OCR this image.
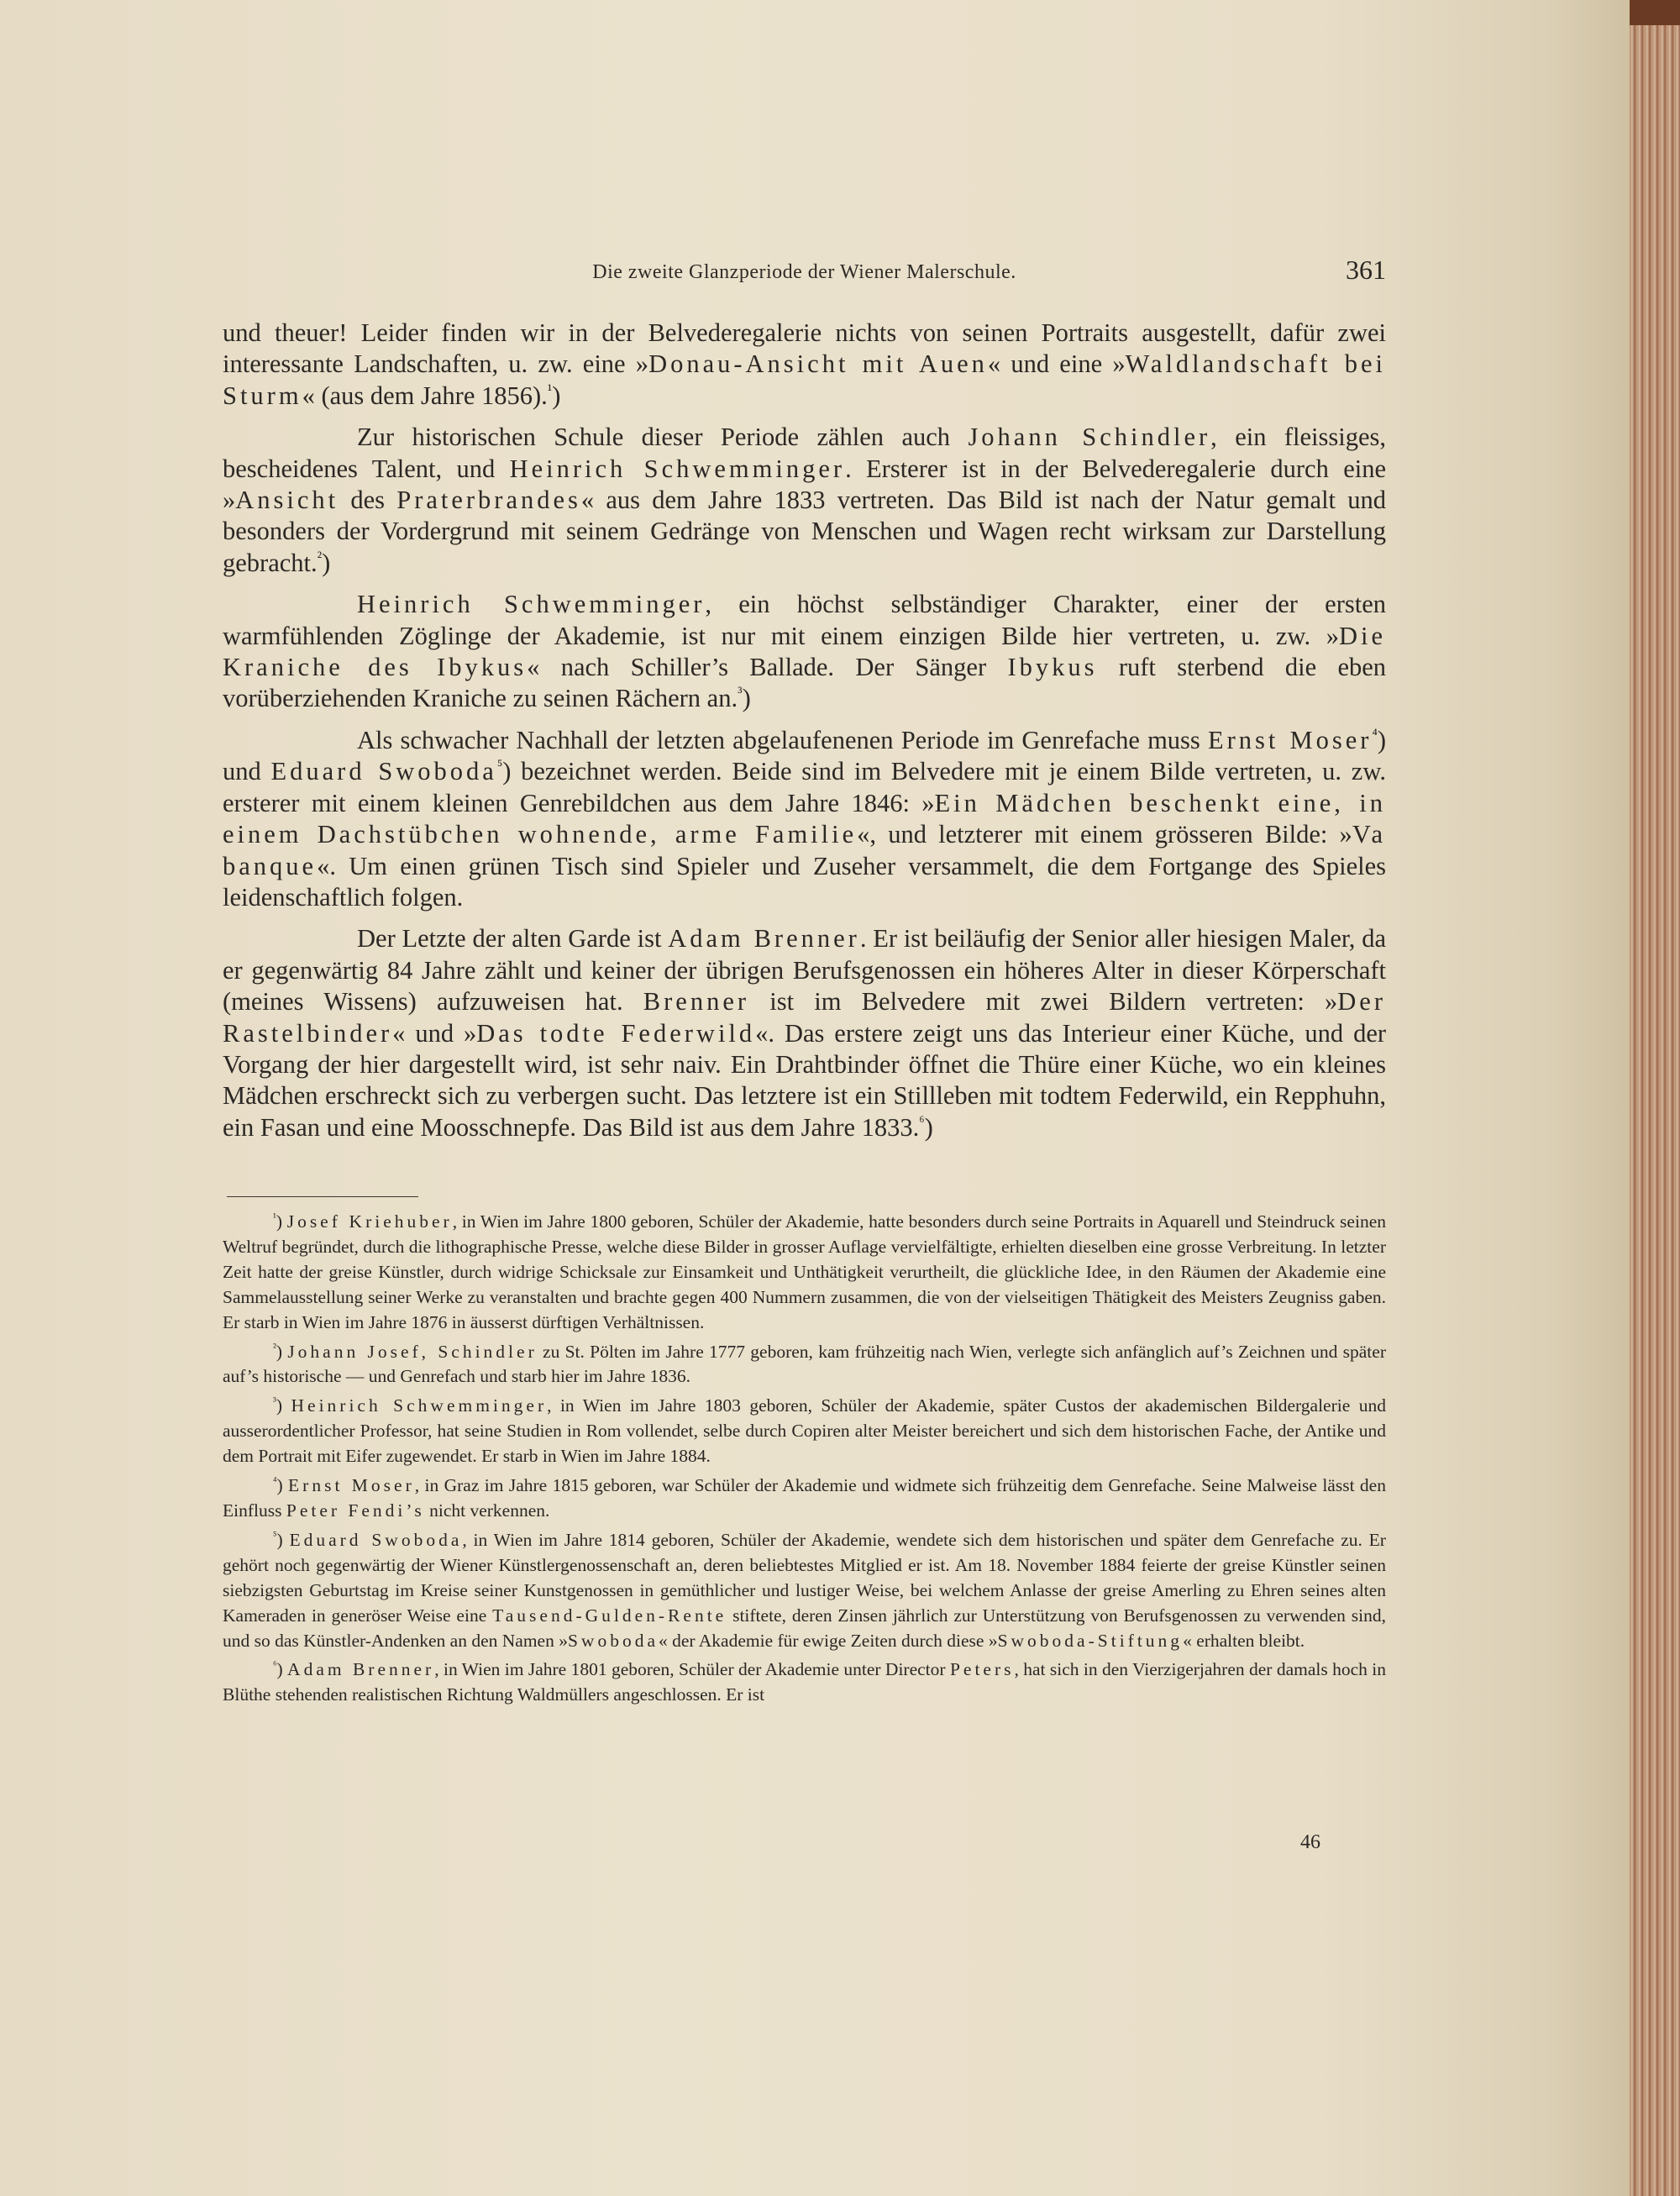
Die zweite Glanzperiode der Wiener Malerschule.	361

und theuer! Leider finden wir in der Belvederegalerie nichts von seinen Portraits ausgestellt, dafür zwei interessante Landschaften, u. zw. eine »Donau-Ansicht mit Auen« und eine »Waldlandschaft bei Sturm« (aus dem Jahre 1856).$^{^1}$)

Zur historischen Schule dieser Periode zählen auch Johann Schindler, ein fleissiges, bescheidenes Talent, und Heinrich Schwemminger. Ersterer ist in der Belvederegalerie durch eine »Ansicht des Praterbrandes« aus dem Jahre 1833 vertreten. Das Bild ist nach der Natur gemalt und besonders der Vordergrund mit seinem Gedränge von Menschen und Wagen recht wirksam zur Darstellung gebracht.$^{^2}$)

Heinrich Schwemminger, ein höchst selbständiger Charakter, einer der ersten warmfühlenden Zöglinge der Akademie, ist nur mit einem einzigen Bilde hier vertreten, u. zw. »Die Kraniche des Ibykus« nach Schiller’s Ballade. Der Sänger Ibykus ruft sterbend die eben vorüberziehenden Kraniche zu seinen Rächern an.$^{^3}$)

Als schwacher Nachhall der letzten abgelaufenenen Periode im Genrefache muss Ernst Moser$^{^4}$) und Eduard Swoboda$^{^5}$) bezeichnet werden. Beide sind im Belvedere mit je einem Bilde vertreten, u. zw. ersterer mit einem kleinen Genrebildchen aus dem Jahre 1846: »Ein Mädchen beschenkt eine, in einem Dachstübchen wohnende, arme Familie«, und letzterer mit einem grösseren Bilde: »Va banque«. Um einen grünen Tisch sind Spieler und Zuseher versammelt, die dem Fortgange des Spieles leidenschaftlich folgen.

Der Letzte der alten Garde ist Adam Brenner. Er ist beiläufig der Senior aller hiesigen Maler, da er gegenwärtig 84 Jahre zählt und keiner der übrigen Berufsgenossen ein höheres Alter in dieser Körperschaft (meines Wissens) aufzuweisen hat. Brenner ist im Belvedere mit zwei Bildern vertreten: »Der Rastelbinder« und »Das todte Federwild«. Das erstere zeigt uns das Interieur einer Küche, und der Vorgang der hier dargestellt wird, ist sehr naiv. Ein Drahtbinder öffnet die Thüre einer Küche, wo ein kleines Mädchen erschreckt sich zu verbergen sucht. Das letztere ist ein Stillleben mit todtem Federwild, ein Repphuhn, ein Fasan und eine Moosschnepfe. Das Bild ist aus dem Jahre 1833.$^{^6}$)

$^{^1}$) Josef Kriehuber, in Wien im Jahre 1800 geboren, Schüler der Akademie, hatte besonders durch seine Portraits in Aquarell und Steindruck seinen Weltruf begründet, durch die lithographische Presse, welche diese Bilder in grosser Auflage vervielfältigte, erhielten dieselben eine grosse Verbreitung. In letzter Zeit hatte der greise Künstler, durch widrige Schicksale zur Einsamkeit und Unthätigkeit verurtheilt, die glückliche Idee, in den Räumen der Akademie eine Sammelausstellung seiner Werke zu veranstalten und brachte gegen 400 Nummern zusammen, die von der vielseitigen Thätigkeit des Meisters Zeugniss gaben. Er starb in Wien im Jahre 1876 in äusserst dürftigen Verhältnissen.

$^{^2}$) Johann Josef, Schindler zu St. Pölten im Jahre 1777 geboren, kam frühzeitig nach Wien, verlegte sich anfänglich auf’s Zeichnen und später auf’s historische — und Genrefach und starb hier im Jahre 1836.

$^{^3}$) Heinrich Schwemminger, in Wien im Jahre 1803 geboren, Schüler der Akademie, später Custos der akademischen Bildergalerie und ausserordentlicher Professor, hat seine Studien in Rom vollendet, selbe durch Copiren alter Meister bereichert und sich dem historischen Fache, der Antike und dem Portrait mit Eifer zugewendet. Er starb in Wien im Jahre 1884.

$^{^4}$) Ernst Moser, in Graz im Jahre 1815 geboren, war Schüler der Akademie und widmete sich frühzeitig dem Genrefache. Seine Malweise lässt den Einfluss Peter Fendi’s nicht verkennen.

$^{^5}$) Eduard Swoboda, in Wien im Jahre 1814 geboren, Schüler der Akademie, wendete sich dem historischen und später dem Genrefache zu. Er gehört noch gegenwärtig der Wiener Künstlergenossenschaft an, deren beliebtestes Mitglied er ist. Am 18. November 1884 feierte der greise Künstler seinen siebzigsten Geburtstag im Kreise seiner Kunstgenossen in gemüthlicher und lustiger Weise, bei welchem Anlasse der greise Amerling zu Ehren seines alten Kameraden in generöser Weise eine Tausend-Gulden-Rente stiftete, deren Zinsen jährlich zur Unterstützung von Berufsgenossen zu verwenden sind, und so das Künstler-Andenken an den Namen »Swoboda« der Akademie für ewige Zeiten durch diese »Swoboda-Stiftung« erhalten bleibt.

$^{^6}$) Adam Brenner, in Wien im Jahre 1801 geboren, Schüler der Akademie unter Director Peters, hat sich in den Vierzigerjahren der damals hoch in Blüthe stehenden realistischen Richtung Waldmüllers angeschlossen. Er ist

46
